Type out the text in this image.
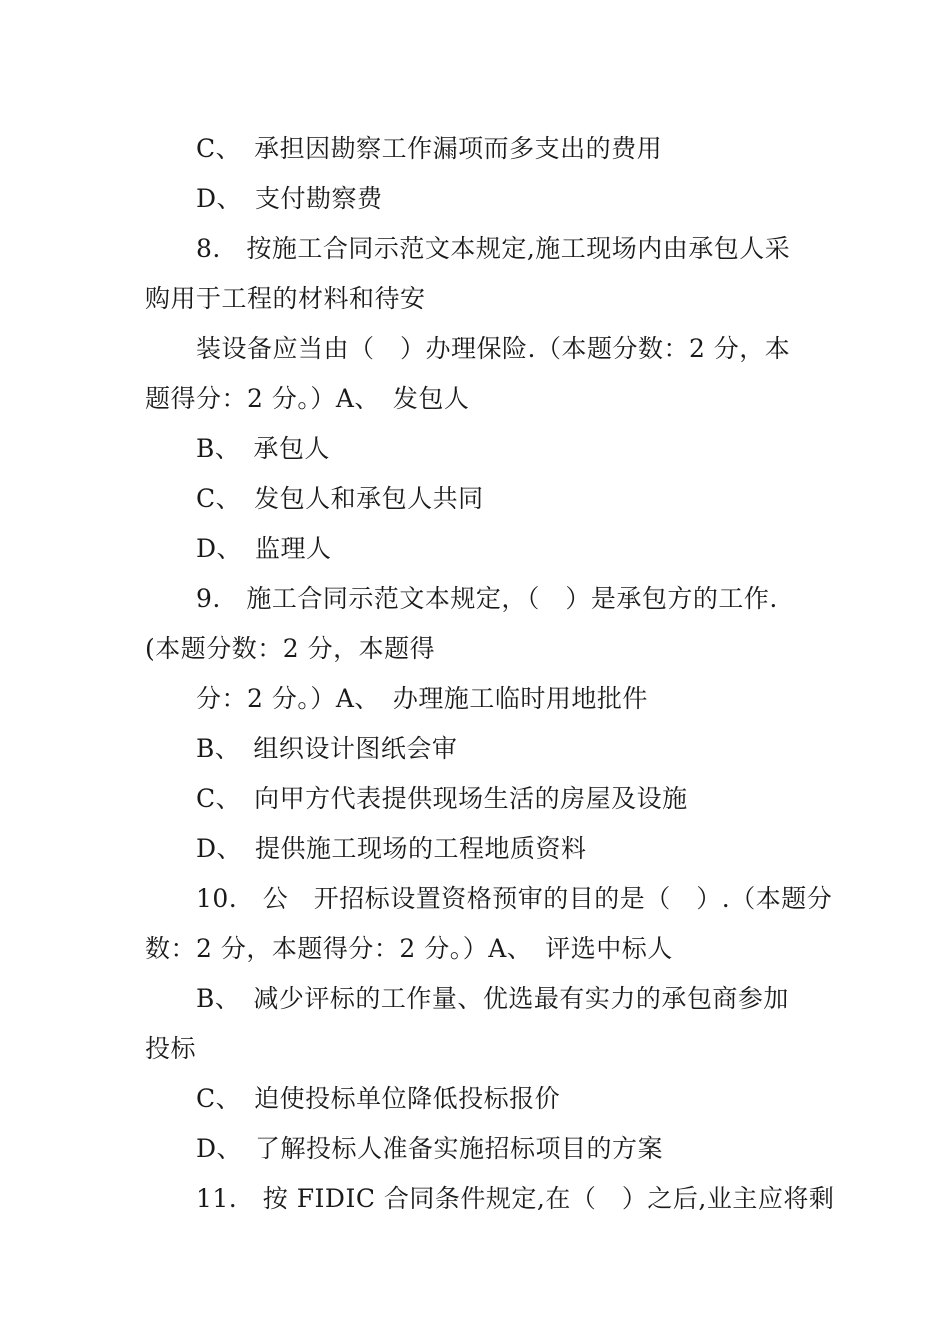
C、　承担因勘察工作漏项而多支出的费用
D、　支付勘察费
8.　按施工合同示范文本规定,施工现场内由承包人采
购用于工程的材料和待安
装设备应当由（　）办理保险.（本题分数：2 分，本
题得分：2 分。）A、　发包人
B、　承包人
C、　发包人和承包人共同
D、　监理人
9.　施工合同示范文本规定，（　）是承包方的工作.
(本题分数：2 分，本题得
分：2 分。）A、　办理施工临时用地批件
B、　组织设计图纸会审
C、　向甲方代表提供现场生活的房屋及设施
D、　提供施工现场的工程地质资料
10.　公　开招标设置资格预审的目的是（　）.（本题分
数：2 分，本题得分：2 分。）A、　评选中标人
B、　减少评标的工作量、优选最有实力的承包商参加
投标
C、　迫使投标单位降低投标报价
D、　了解投标人准备实施招标项目的方案
11.　按 FIDIC 合同条件规定,在（　）之后,业主应将剩
